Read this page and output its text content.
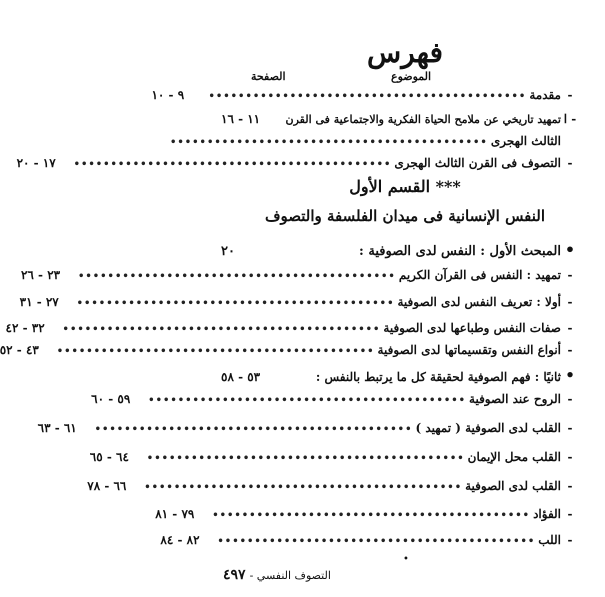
فهرس
الموضوع
الصفحة
-
مقدمة
•••••••••••••••••••••••••••••••••••••••••••
٩ - ١٠
- ا
تمهيد تاريخي عن ملامح الحياة الفكرية والاجتماعية فى القرن
١١ - ١٦
الثالث الهجرى
•••••••••••••••••••••••••••••••••••••••••••
-
التصوف فى القرن الثالث الهجرى
•••••••••••••••••••••••••••••••••••••••••••
١٧ - ٢٠
*** القسم الأول
النفس الإنسانية فى ميدان الفلسفة والتصوف
•
المبحث الأول : النفس لدى الصوفية :
٢٠
-
تمهيد : النفس فى القرآن الكريم
•••••••••••••••••••••••••••••••••••••••••••
٢٣ - ٢٦
-
أولا : تعريف النفس لدى الصوفية
•••••••••••••••••••••••••••••••••••••••••••
٢٧ - ٣١
-
صفات النفس وطباعها لدى الصوفية
•••••••••••••••••••••••••••••••••••••••••••
٣٢ - ٤٢
-
أنواع النفس وتقسيماتها لدى الصوفية
•••••••••••••••••••••••••••••••••••••••••••
٤٣ - ٥٢
•
ثانيًا : فهم الصوفية لحقيقة كل ما يرتبط بالنفس :
٥٣ - ٥٨
-
الروح عند الصوفية
•••••••••••••••••••••••••••••••••••••••••••
٥٩ - ٦٠
-
القلب لدى الصوفية ( تمهيد )
•••••••••••••••••••••••••••••••••••••••••••
٦١ - ٦٣
-
القلب محل الإيمان
•••••••••••••••••••••••••••••••••••••••••••
٦٤ - ٦٥
-
القلب لدى الصوفية
•••••••••••••••••••••••••••••••••••••••••••
٦٦ - ٧٨
-
الفؤاد
•••••••••••••••••••••••••••••••••••••••••••
٧٩ - ٨١
-
اللب
•••••••••••••••••••••••••••••••••••••••••••
٨٢ - ٨٤
•
التصوف النفسي -
٤٩٧
